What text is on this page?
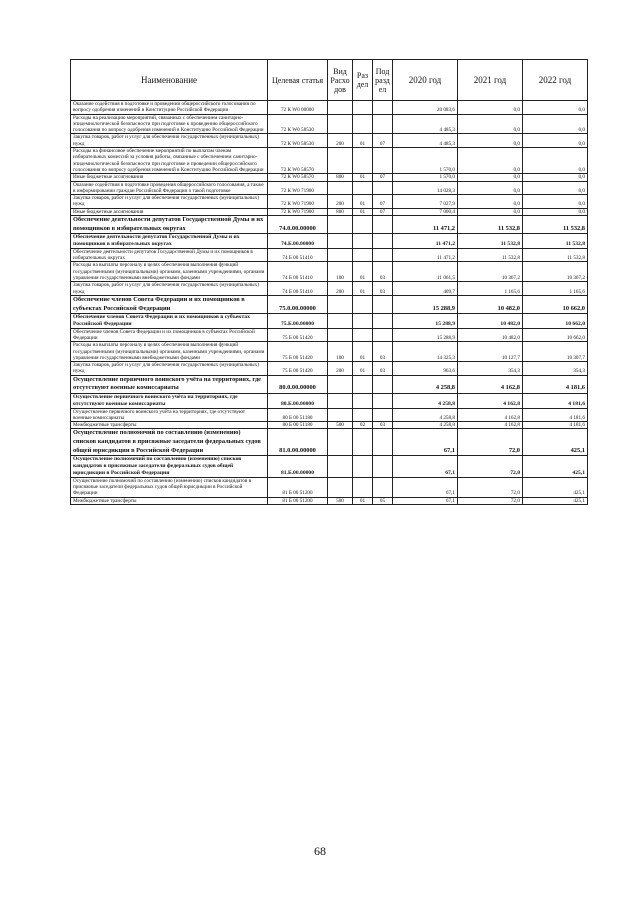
Наименование	Целевая статья	Вид Расходов	Раздел	Подраздел	2020 год	2021 год	2022 год
Оказание содействия в подготовке и проведении общероссийского голосования по вопросу одобрения изменений в Конституцию Российской Федерации	72 К W0 00000				20 083,6	0,0	0,0
Расходы на реализацию мероприятий, связанных с обеспечением санитарно-эпидемиологической безопасности при подготовке к проведению общероссийского голосования по вопросу одобрения изменений в Конституцию Российской Федерации	72 К W0 58530				4 485,3	0,0	0,0
Закупка товаров, работ и услуг для обеспечения государственных (муниципальных) нужд	72 К W0 58530	200	01	07	4 485,3	0,0	0,0
Расходы на финансовое обеспечение мероприятий по выплатам членам избирательных комиссий за условия работы, связанные с обеспечением санитарно-эпидемиологической безопасности при подготовке и проведении общероссийского голосования по вопросу одобрения изменений в Конституцию Российской Федерации	72 К W0 58570				1 570,0	0,0	0,0
Иные бюджетные ассигнования	72 К W0 58570	800	01	07	1 570,0	0,0	0,0
Оказание содействия в подготовке проведения общероссийского голосования, а также в информировании граждан Российской Федерации о такой подготовке	72 К W0 71900				14 028,3	0,0	0,0
Закупка товаров, работ и услуг для обеспечения государственных (муниципальных) нужд	72 К W0 71900	200	01	07	7 027,9	0,0	0,0
Иные бюджетные ассигнования	72 К W0 71900	800	01	07	7 000,4	0,0	0,0
Обеспечение деятельности депутатов Государственной Думы и их помощников в избирательных округах	74.0.00.00000				11 471,2	11 532,8	11 532,8
Обеспечение деятельности депутатов Государственной Думы и их помощников в избирательных округах	74.Б.00.00000				11 471,2	11 532,8	11 532,8
Обеспечение деятельности депутатов Государственной Думы и их помощников в избирательных округах	74 Б 00 51410				11 471,2	11 532,8	11 532,8
Расходы на выплаты персоналу в целях обеспечения выполнения функций государственными (муниципальными) органами, казенными учреждениями, органами управления государственными внебюджетными фондами	74 Б 00 51410	100	01	03	11 061,5	10 367,2	10 367,2
Закупка товаров, работ и услуг для обеспечения государственных (муниципальных) нужд	74 Б 00 51410	200	01	03	409,7	1 165,6	1 165,6
Обеспечение членов Совета Федерации и их помощников в субъектах Российской Федерации	75.0.00.00000				15 288,9	10 482,0	10 662,0
Обеспечение членов Совета Федерации и их помощников в субъектах Российской Федерации	75.Б.00.00000				15 288,9	10 482,0	10 662,0
Обеспечение членов Совета Федерации и их помощников в субъектах Российской Федерации	75 Б 00 51420				15 288,9	10 482,0	10 662,0
Расходы на выплаты персоналу в целях обеспечения выполнения функций государственными (муниципальными) органами, казенными учреждениями, органами управления государственными внебюджетными фондами	75 Б 00 51420	100	01	03	14 325,3	10 127,7	10 307,7
Закупка товаров, работ и услуг для обеспечения государственных (муниципальных) нужд	75 Б 00 51420	200	01	03	963,6	354,3	354,3
Осуществление первичного воинского учёта на территориях, где отсутствуют военные комиссариаты	80.0.00.00000				4 258,8	4 162,8	4 181,6
Осуществление первичного воинского учёта на территориях, где отсутствуют военные комиссариаты	80.Б.00.00000				4 258,8	4 162,8	4 181,6
Осуществление первичного воинского учёта на территориях, где отсутствуют военные комиссариаты	80 Б 00 51180				4 258,8	4 162,8	4 181,6
Межбюджетные трансферты	80 Б 00 51180	500	02	03	4 258,8	4 162,8	4 181,6
Осуществление полномочий по составлению (изменению) списков кандидатов в присяжные заседатели федеральных судов общей юрисдикции в Российской Федерации	81.0.00.00000				67,1	72,0	425,1
Осуществление полномочий по составлению (изменению) списков кандидатов в присяжные заседатели федеральных судов общей юрисдикции в Российской Федерации	81.Б.00.00000				67,1	72,0	425,1
Осуществление полномочий по составлению (изменению) списков кандидатов в присяжные заседатели федеральных судов общей юрисдикции в Российской Федерации	81 Б 00 51200				67,1	72,0	425,1
Межбюджетные трансферты	81 Б 00 51200	500	01	05	67,1	72,0	425,1
68
